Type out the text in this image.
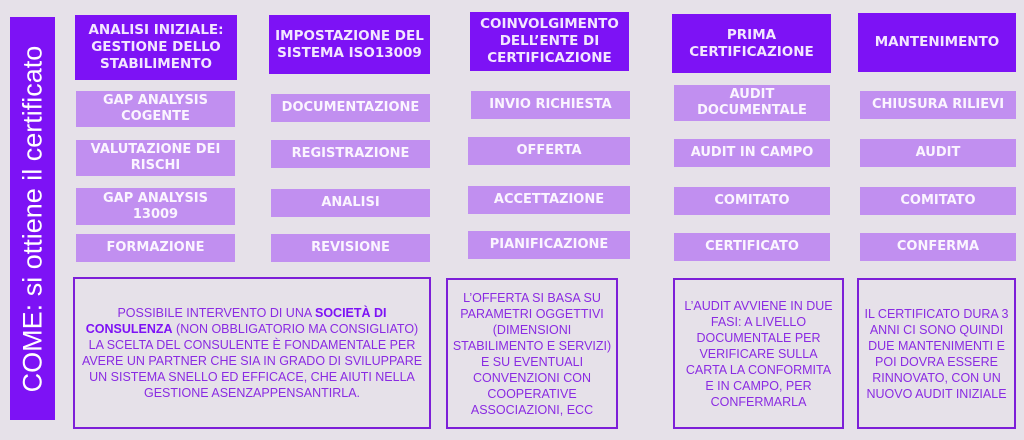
COME: si ottiene il certificato
ANALISI INIZIALE: GESTIONE DELLO STABILIMENTO
GAP ANALYSIS COGENTE
VALUTAZIONE DEI RISCHI
GAP ANALYSIS 13009
FORMAZIONE
IMPOSTAZIONE DEL SISTEMA ISO13009
DOCUMENTAZIONE
REGISTRAZIONE
ANALISI
REVISIONE
COINVOLGIMENTO DELL’ENTE DI CERTIFICAZIONE
INVIO RICHIESTA
OFFERTA
ACCETTAZIONE
PIANIFICAZIONE
PRIMA CERTIFICAZIONE
AUDIT DOCUMENTALE
AUDIT IN CAMPO
COMITATO
CERTIFICATO
MANTENIMENTO
CHIUSURA RILIEVI
AUDIT
COMITATO
CONFERMA
POSSIBILE INTERVENTO DI UNA SOCIETÀ DI CONSULENZA (NON OBBLIGATORIO MA CONSIGLIATO)
LA SCELTA DEL CONSULENTE È FONDAMENTALE PER AVERE UN PARTNER CHE SIA IN GRADO DI SVILUPPARE UN SISTEMA SNELLO ED EFFICACE, CHE AIUTI NELLA GESTIONE ASENZAPPENSANTIRLA.
L’OFFERTA SI BASA SU PARAMETRI OGGETTIVI (DIMENSIONI STABILIMENTO E SERVIZI) E SU EVENTUALI CONVENZIONI CON COOPERATIVE ASSOCIAZIONI, ECC
L’AUDIT AVVIENE IN DUE FASI: A LIVELLO DOCUMENTALE PER VERIFICARE SULLA CARTA LA CONFORMITA E IN CAMPO, PER CONFERMARLA
IL CERTIFICATO DURA 3 ANNI CI SONO QUINDI DUE MANTENIMENTI E POI DOVRA ESSERE RINNOVATO, CON UN NUOVO AUDIT INIZIALE
